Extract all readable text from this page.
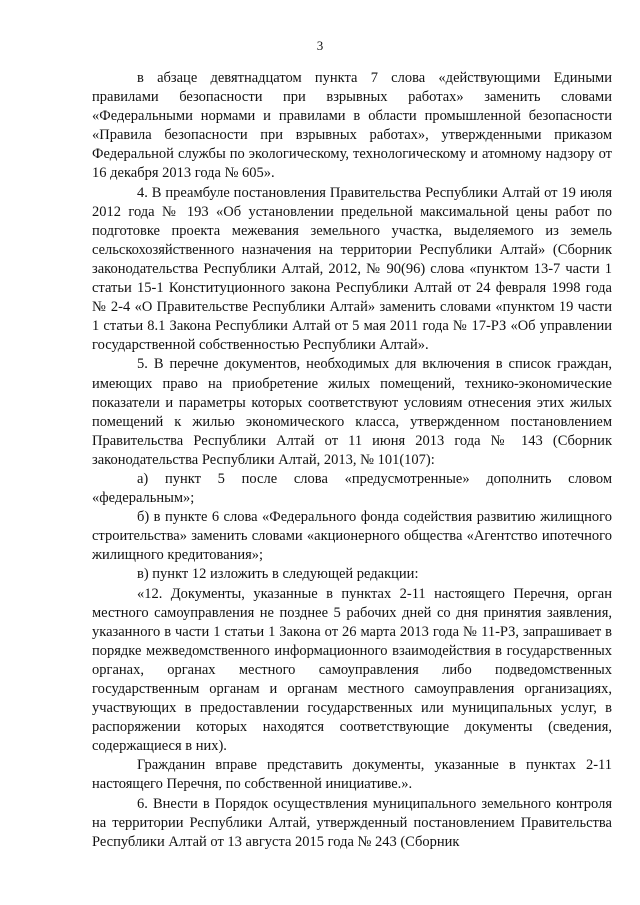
3

в абзаце девятнадцатом пункта 7 слова «действующими Едиными правилами безопасности при взрывных работах» заменить словами «Федеральными нормами и правилами в области промышленной безопасности «Правила безопасности при взрывных работах», утвержденными приказом Федеральной службы по экологическому, технологическому и атомному надзору от 16 декабря 2013 года № 605».

4. В преамбуле постановления Правительства Республики Алтай от 19 июля 2012 года № 193 «Об установлении предельной максимальной цены работ по подготовке проекта межевания земельного участка, выделяемого из земель сельскохозяйственного назначения на территории Республики Алтай» (Сборник законодательства Республики Алтай, 2012, № 90(96) слова «пунктом 13-7 части 1 статьи 15-1 Конституционного закона Республики Алтай от 24 февраля 1998 года № 2-4 «О Правительстве Республики Алтай» заменить словами «пунктом 19 части 1 статьи 8.1 Закона Республики Алтай от 5 мая 2011 года № 17-РЗ «Об управлении государственной собственностью Республики Алтай».

5. В перечне документов, необходимых для включения в список граждан, имеющих право на приобретение жилых помещений, технико-экономические показатели и параметры которых соответствуют условиям отнесения этих жилых помещений к жилью экономического класса, утвержденном постановлением Правительства Республики Алтай от 11 июня 2013 года № 143 (Сборник законодательства Республики Алтай, 2013, № 101(107):

а) пункт 5 после слова «предусмотренные» дополнить словом «федеральным»;

б) в пункте 6 слова «Федерального фонда содействия развитию жилищного строительства» заменить словами «акционерного общества «Агентство ипотечного жилищного кредитования»;

в) пункт 12 изложить в следующей редакции:

«12. Документы, указанные в пунктах 2-11 настоящего Перечня, орган местного самоуправления не позднее 5 рабочих дней со дня принятия заявления, указанного в части 1 статьи 1 Закона от 26 марта 2013 года № 11-РЗ, запрашивает в порядке межведомственного информационного взаимодействия в государственных органах, органах местного самоуправления либо подведомственных государственным органам и органам местного самоуправления организациях, участвующих в предоставлении государственных или муниципальных услуг, в распоряжении которых находятся соответствующие документы (сведения, содержащиеся в них).

Гражданин вправе представить документы, указанные в пунктах 2-11 настоящего Перечня, по собственной инициативе.».

6. Внести в Порядок осуществления муниципального земельного контроля на территории Республики Алтай, утвержденный постановлением Правительства Республики Алтай от 13 августа 2015 года № 243 (Сборник
